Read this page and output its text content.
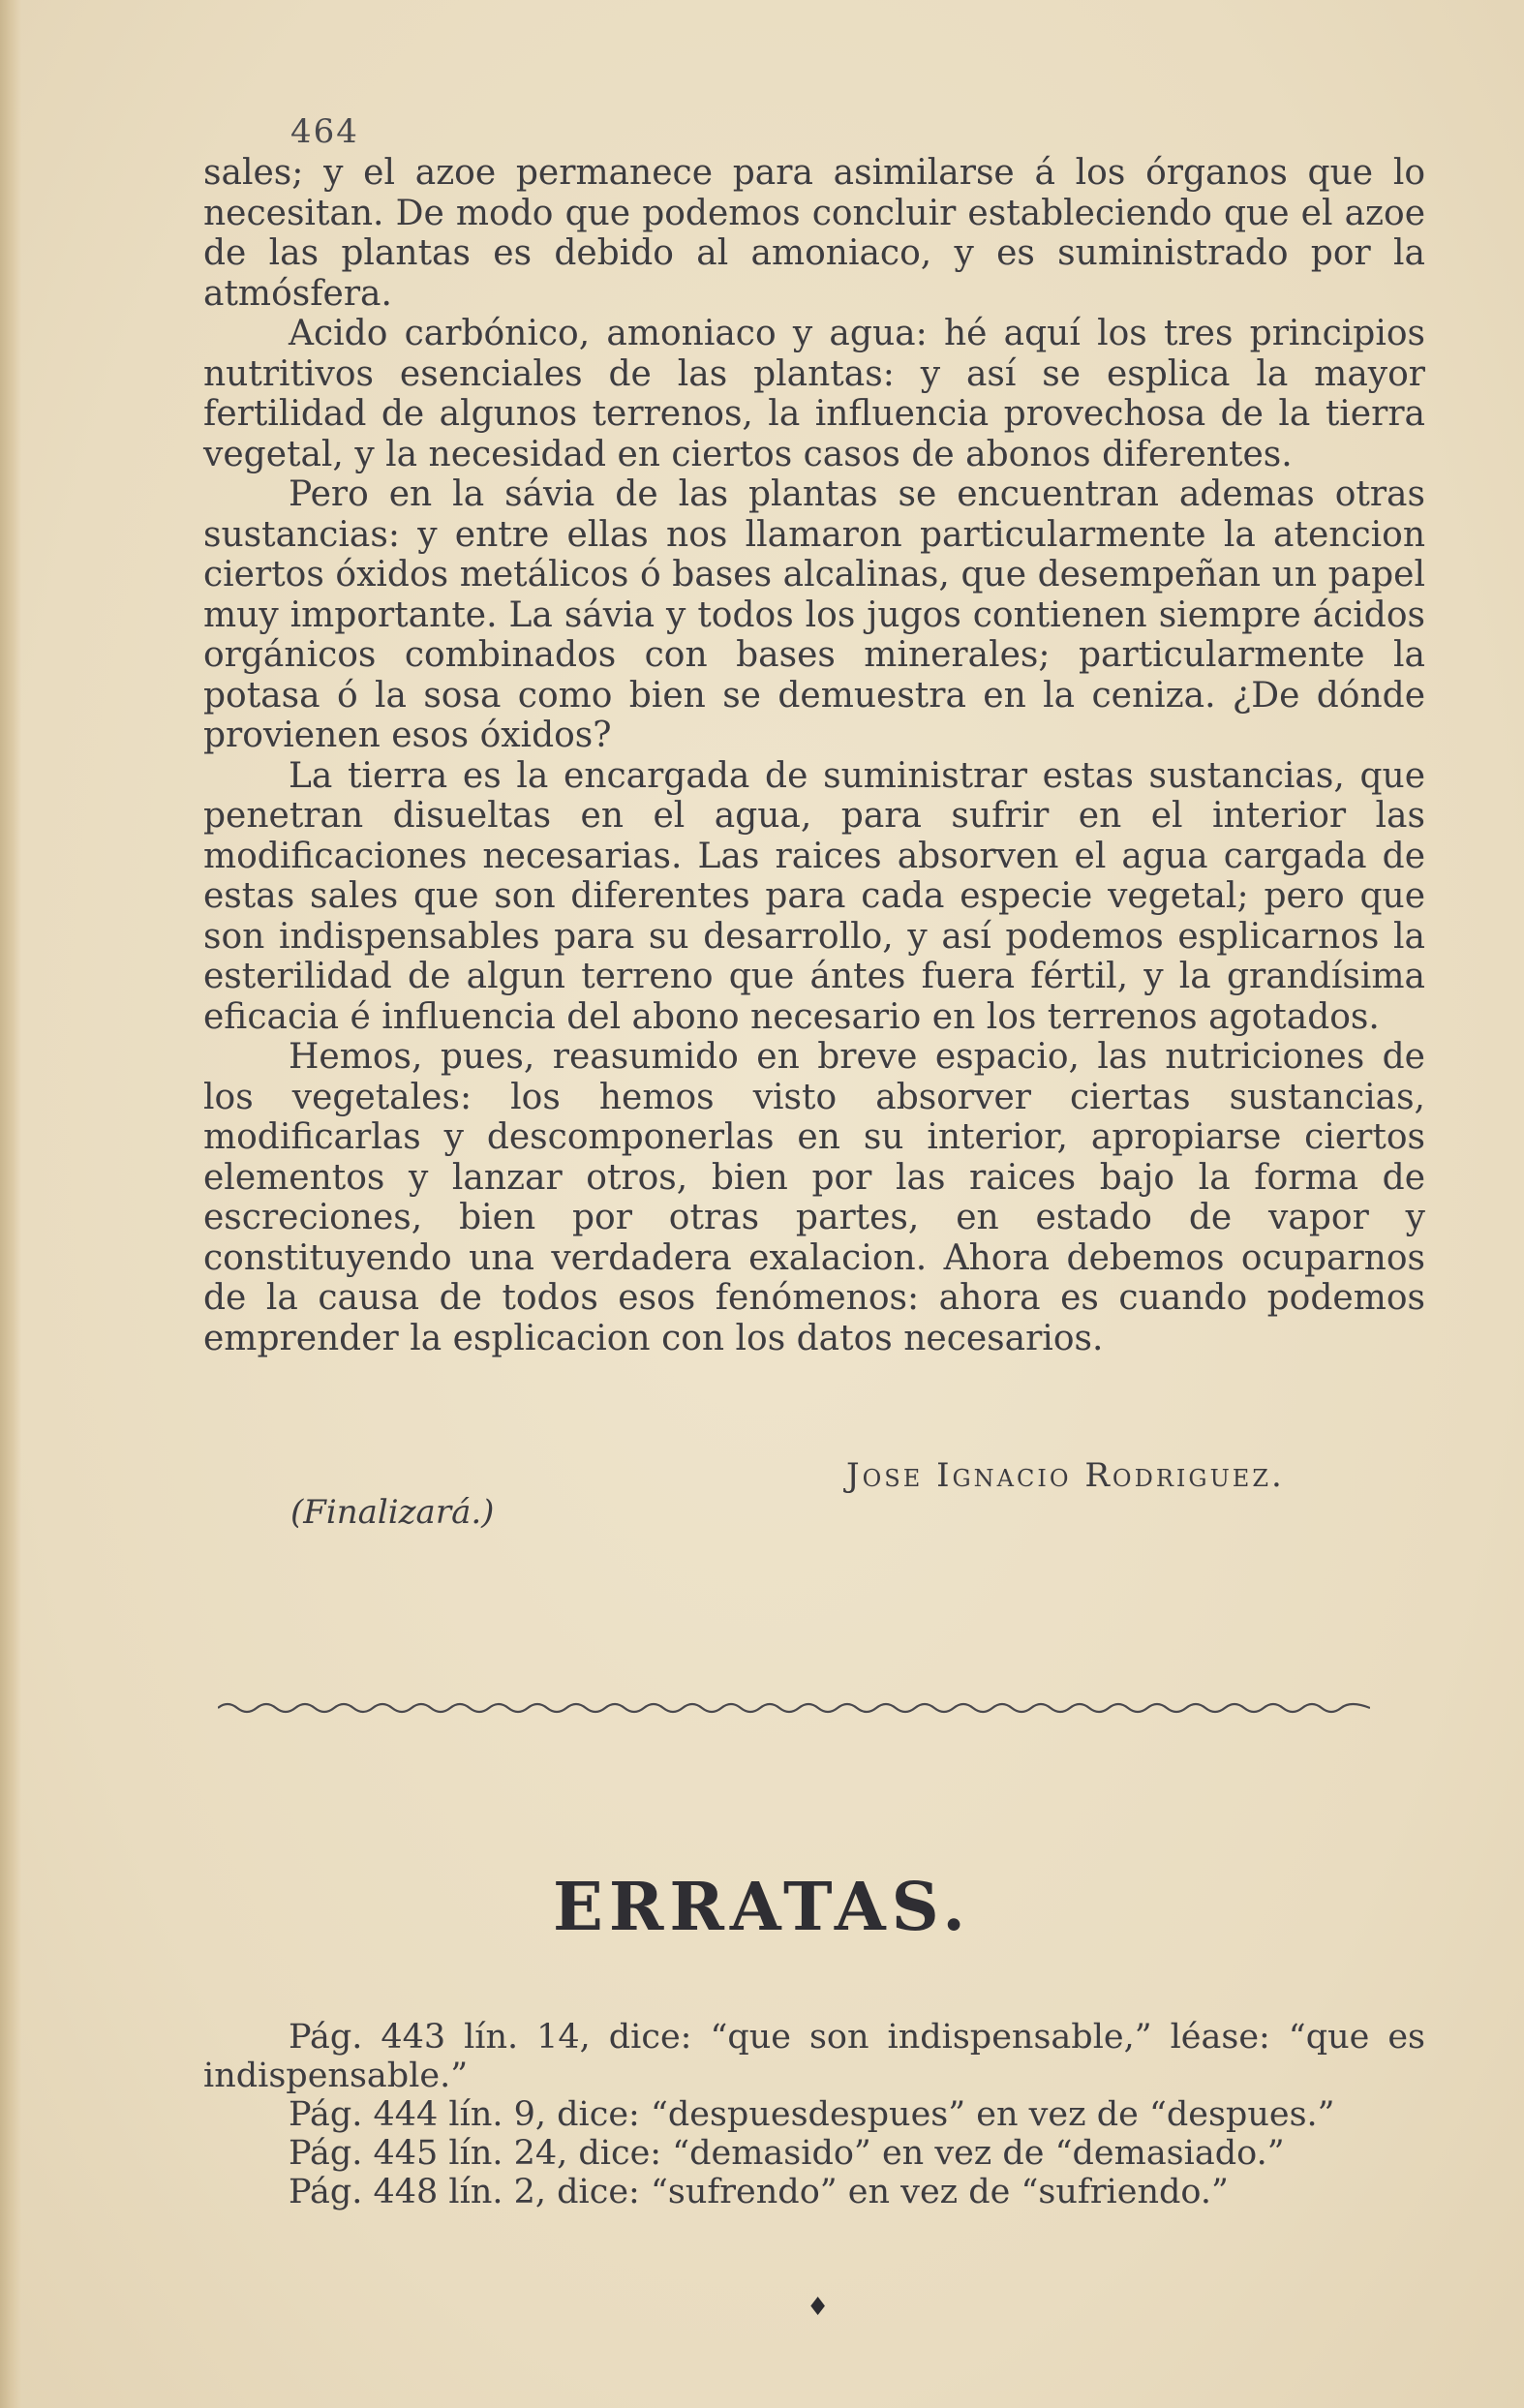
464

sales; y el azoe permanece para asimilarse á los órganos que lo necesitan. De modo que podemos concluir estableciendo que el azoe de las plantas es debido al amoniaco, y es suministrado por la atmósfera.

Acido carbónico, amoniaco y agua: hé aquí los tres principios nutritivos esenciales de las plantas: y así se esplica la mayor fertilidad de algunos terrenos, la influencia provechosa de la tierra vegetal, y la necesidad en ciertos casos de abonos diferentes.

Pero en la sávia de las plantas se encuentran ademas otras sustancias: y entre ellas nos llamaron particularmente la atencion ciertos óxidos metálicos ó bases alcalinas, que desempeñan un papel muy importante. La sávia y todos los jugos contienen siempre ácidos orgánicos combinados con bases minerales; particularmente la potasa ó la sosa como bien se demuestra en la ceniza. ¿De dónde provienen esos óxidos?

La tierra es la encargada de suministrar estas sustancias, que penetran disueltas en el agua, para sufrir en el interior las modificaciones necesarias. Las raices absorven el agua cargada de estas sales que son diferentes para cada especie vegetal; pero que son indispensables para su desarrollo, y así podemos esplicarnos la esterilidad de algun terreno que ántes fuera fértil, y la grandísima eficacia é influencia del abono necesario en los terrenos agotados.

Hemos, pues, reasumido en breve espacio, las nutriciones de los vegetales: los hemos visto absorver ciertas sustancias, modificarlas y descomponerlas en su interior, apropiarse ciertos elementos y lanzar otros, bien por las raices bajo la forma de escreciones, bien por otras partes, en estado de vapor y constituyendo una verdadera exalacion. Ahora debemos ocuparnos de la causa de todos esos fenómenos: ahora es cuando podemos emprender la esplicacion con los datos necesarios.

Jose Ignacio Rodriguez.
(Finalizará.)
ERRATAS.

Pág. 443 lín. 14, dice: “que son indispensable,” léase: “que es indispensable.”

Pág. 444 lín. 9, dice: “despuesdespues” en vez de “despues.”

Pág. 445 lín. 24, dice: “demasido” en vez de “demasiado.”

Pág. 448 lín. 2, dice: “sufrendo” en vez de “sufriendo.”

♦
